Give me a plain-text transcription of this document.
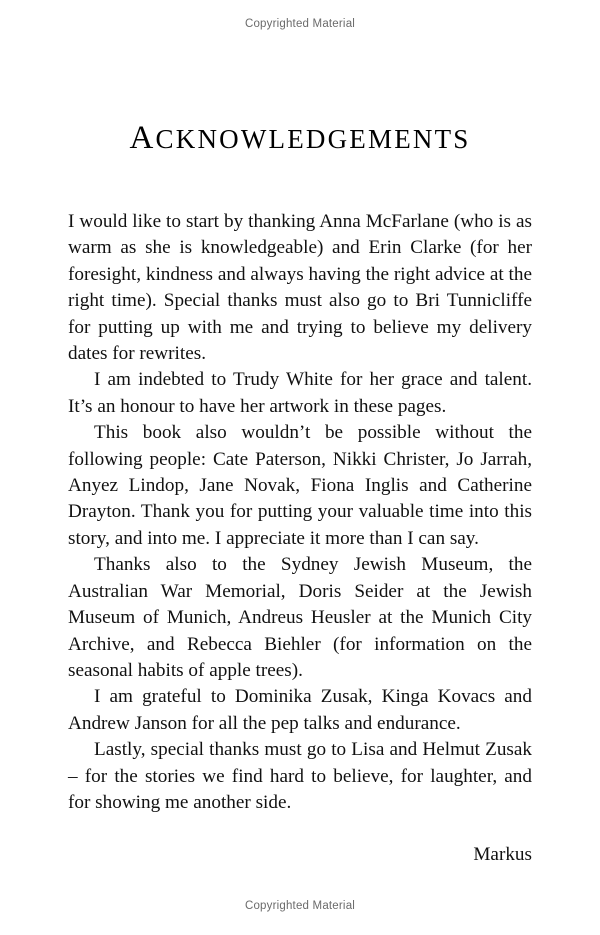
Copyrighted Material
ACKNOWLEDGEMENTS

I would like to start by thanking Anna McFarlane (who is as warm as she is knowledgeable) and Erin Clarke (for her foresight, kindness and always having the right advice at the right time). Special thanks must also go to Bri Tunnicliffe for putting up with me and trying to believe my delivery dates for rewrites.

I am indebted to Trudy White for her grace and talent. It’s an honour to have her artwork in these pages.

This book also wouldn’t be possible without the following people: Cate Paterson, Nikki Christer, Jo Jarrah, Anyez Lindop, Jane Novak, Fiona Inglis and Catherine Drayton. Thank you for putting your valuable time into this story, and into me. I appreciate it more than I can say.

Thanks also to the Sydney Jewish Museum, the Australian War Memorial, Doris Seider at the Jewish Museum of Munich, Andreus Heusler at the Munich City Archive, and Rebecca Biehler (for information on the seasonal habits of apple trees).

I am grateful to Dominika Zusak, Kinga Kovacs and Andrew Janson for all the pep talks and endurance.

Lastly, special thanks must go to Lisa and Helmut Zusak – for the stories we find hard to believe, for laughter, and for showing me another side.

Markus

Copyrighted Material
